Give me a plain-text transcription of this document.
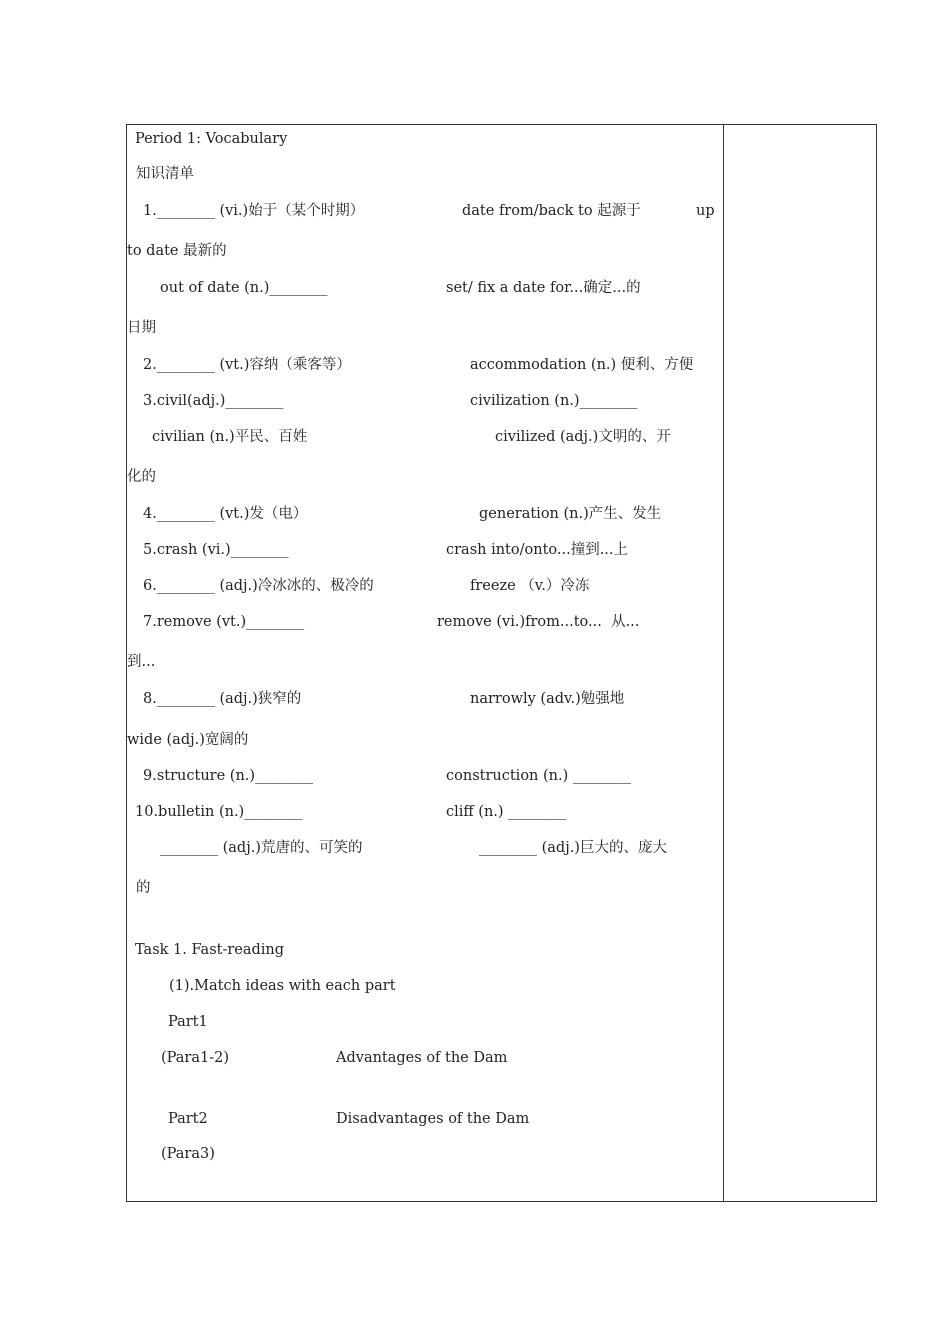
Period 1: Vocabulary
知识清单
1.________ (vi.)始于（某个时期）	date from/back to 起源于	up
to date 最新的
out of date (n.)________	set/ fix a date for...确定...的
日期
2.________ (vt.)容纳（乘客等）	accommodation (n.) 便利、方便
3.civil(adj.)________	civilization (n.)________
civilian (n.)平民、百姓	civilized (adj.)文明的、开
化的
4.________ (vt.)发（电）	generation (n.)产生、发生
5.crash (vi.)________	crash into/onto...撞到...上
6.________ (adj.)冷冰冰的、极冷的	freeze （v.）冷冻
7.remove (vt.)________	remove (vi.)from...to...  从...
到...
8.________ (adj.)狭窄的	narrowly (adv.)勉强地
wide (adj.)宽阔的
9.structure (n.)________	construction (n.) ________
10.bulletin (n.)________	cliff (n.) ________
________ (adj.)荒唐的、可笑的	________ (adj.)巨大的、庞大
的
Task 1. Fast-reading
(1).Match ideas with each part
Part1
(Para1-2)	Advantages of the Dam
Part2	Disadvantages of the Dam
(Para3)
